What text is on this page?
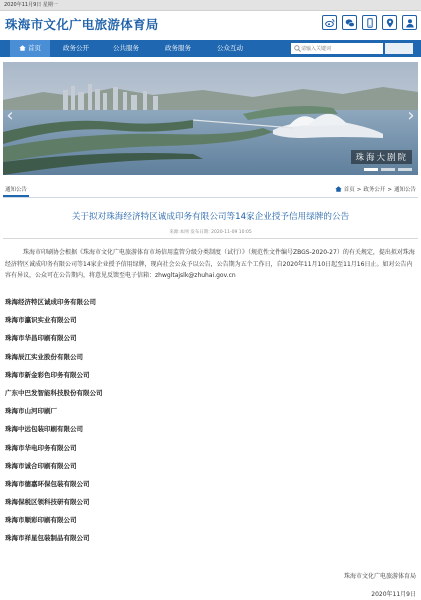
2020年11月9日 星期一
珠海市文化广电旅游体育局
首页	政务公开	公共服务	政务服务	公众互动
请输入关键词
‹	›
珠海大剧院
通知公告	首页 > 政务公开 > 通知公告
关于拟对珠海经济特区诚成印务有限公司等14家企业授予信用绿牌的公告
来源:本网 发布日期: 2020-11-09 10:05

珠海市印刷协会根据《珠海市文化广电旅游体育市场信用监管分级分类制度（试行）》（规范性文件编号ZBGS-2020-27）的有关规定，提出拟对珠海经济特区诚成印务有限公司等14家企业授予信用绿牌，现向社会公众予以公告，公告期为五个工作日，自2020年11月10日起至11月16日止。如对公告内容有异议，公众可在公告期内，将意见反馈至电子信箱：zhwgltajslk@zhuhai.gov.cn

珠海经济特区诚成印务有限公司
珠海市瀛识实业有限公司
珠海市华昌印刷有限公司
珠海辰江实业股份有限公司
珠海市新金彩色印务有限公司
广东中巴发智能科技股份有限公司
珠海市山河印刷厂
珠海中远包装印刷有限公司
珠海市华电印务有限公司
珠海市诚合印刷有限公司
珠海市德嘉环保包装有限公司
珠海保税区领科技研有限公司
珠海市顺彩印刷有限公司
珠海市祥星包装制品有限公司
珠海市文化广电旅游体育局
2020年11月9日
